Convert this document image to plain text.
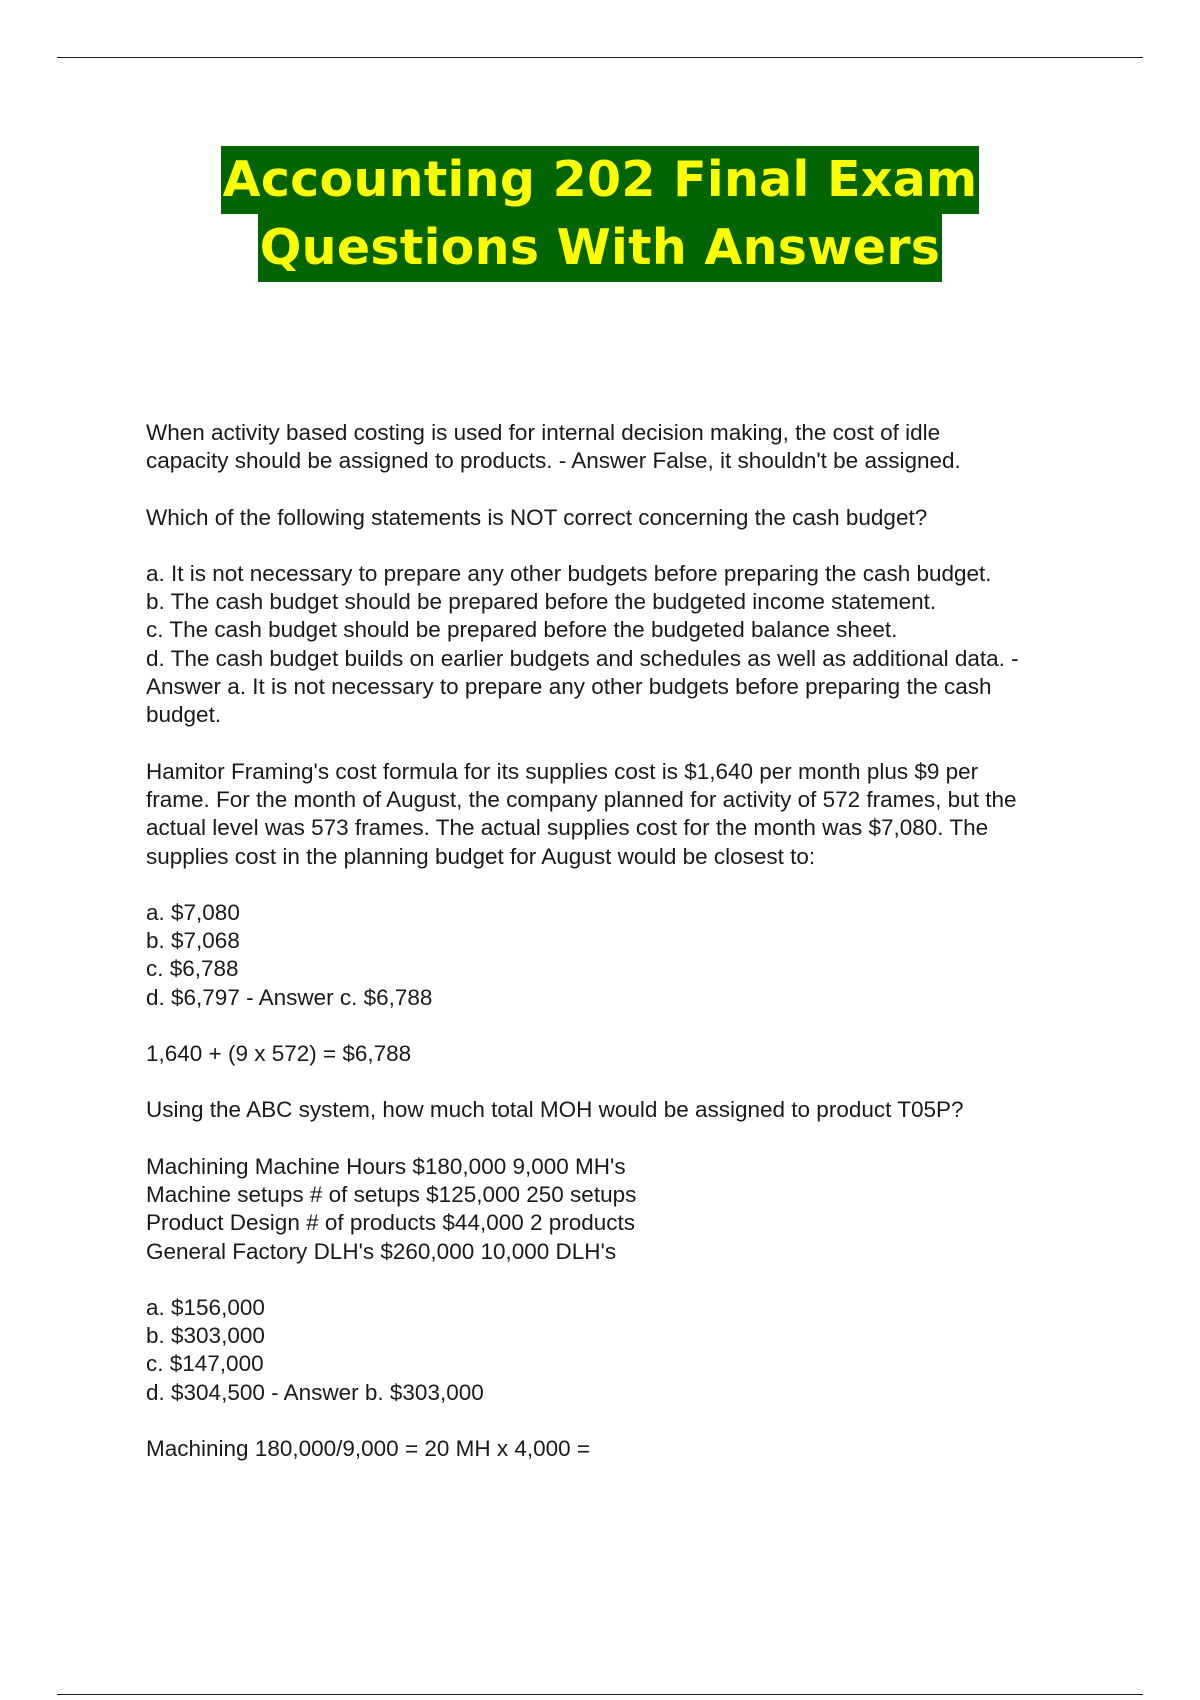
Accounting 202 Final Exam
Questions With Answers
When activity based costing is used for internal decision making, the cost of idle
capacity should be assigned to products. - Answer False, it shouldn't be assigned.
Which of the following statements is NOT correct concerning the cash budget?
a. It is not necessary to prepare any other budgets before preparing the cash budget.
b. The cash budget should be prepared before the budgeted income statement.
c. The cash budget should be prepared before the budgeted balance sheet.
d. The cash budget builds on earlier budgets and schedules as well as additional data. -
Answer a. It is not necessary to prepare any other budgets before preparing the cash
budget.
Hamitor Framing's cost formula for its supplies cost is $1,640 per month plus $9 per
frame. For the month of August, the company planned for activity of 572 frames, but the
actual level was 573 frames. The actual supplies cost for the month was $7,080. The
supplies cost in the planning budget for August would be closest to:
a. $7,080
b. $7,068
c. $6,788
d. $6,797 - Answer c. $6,788
1,640 + (9 x 572) = $6,788
Using the ABC system, how much total MOH would be assigned to product T05P?
Machining Machine Hours $180,000 9,000 MH's
Machine setups # of setups $125,000 250 setups
Product Design # of products $44,000 2 products
General Factory DLH's $260,000 10,000 DLH's
a. $156,000
b. $303,000
c. $147,000
d. $304,500 - Answer b. $303,000
Machining 180,000/9,000 = 20 MH x 4,000 =
